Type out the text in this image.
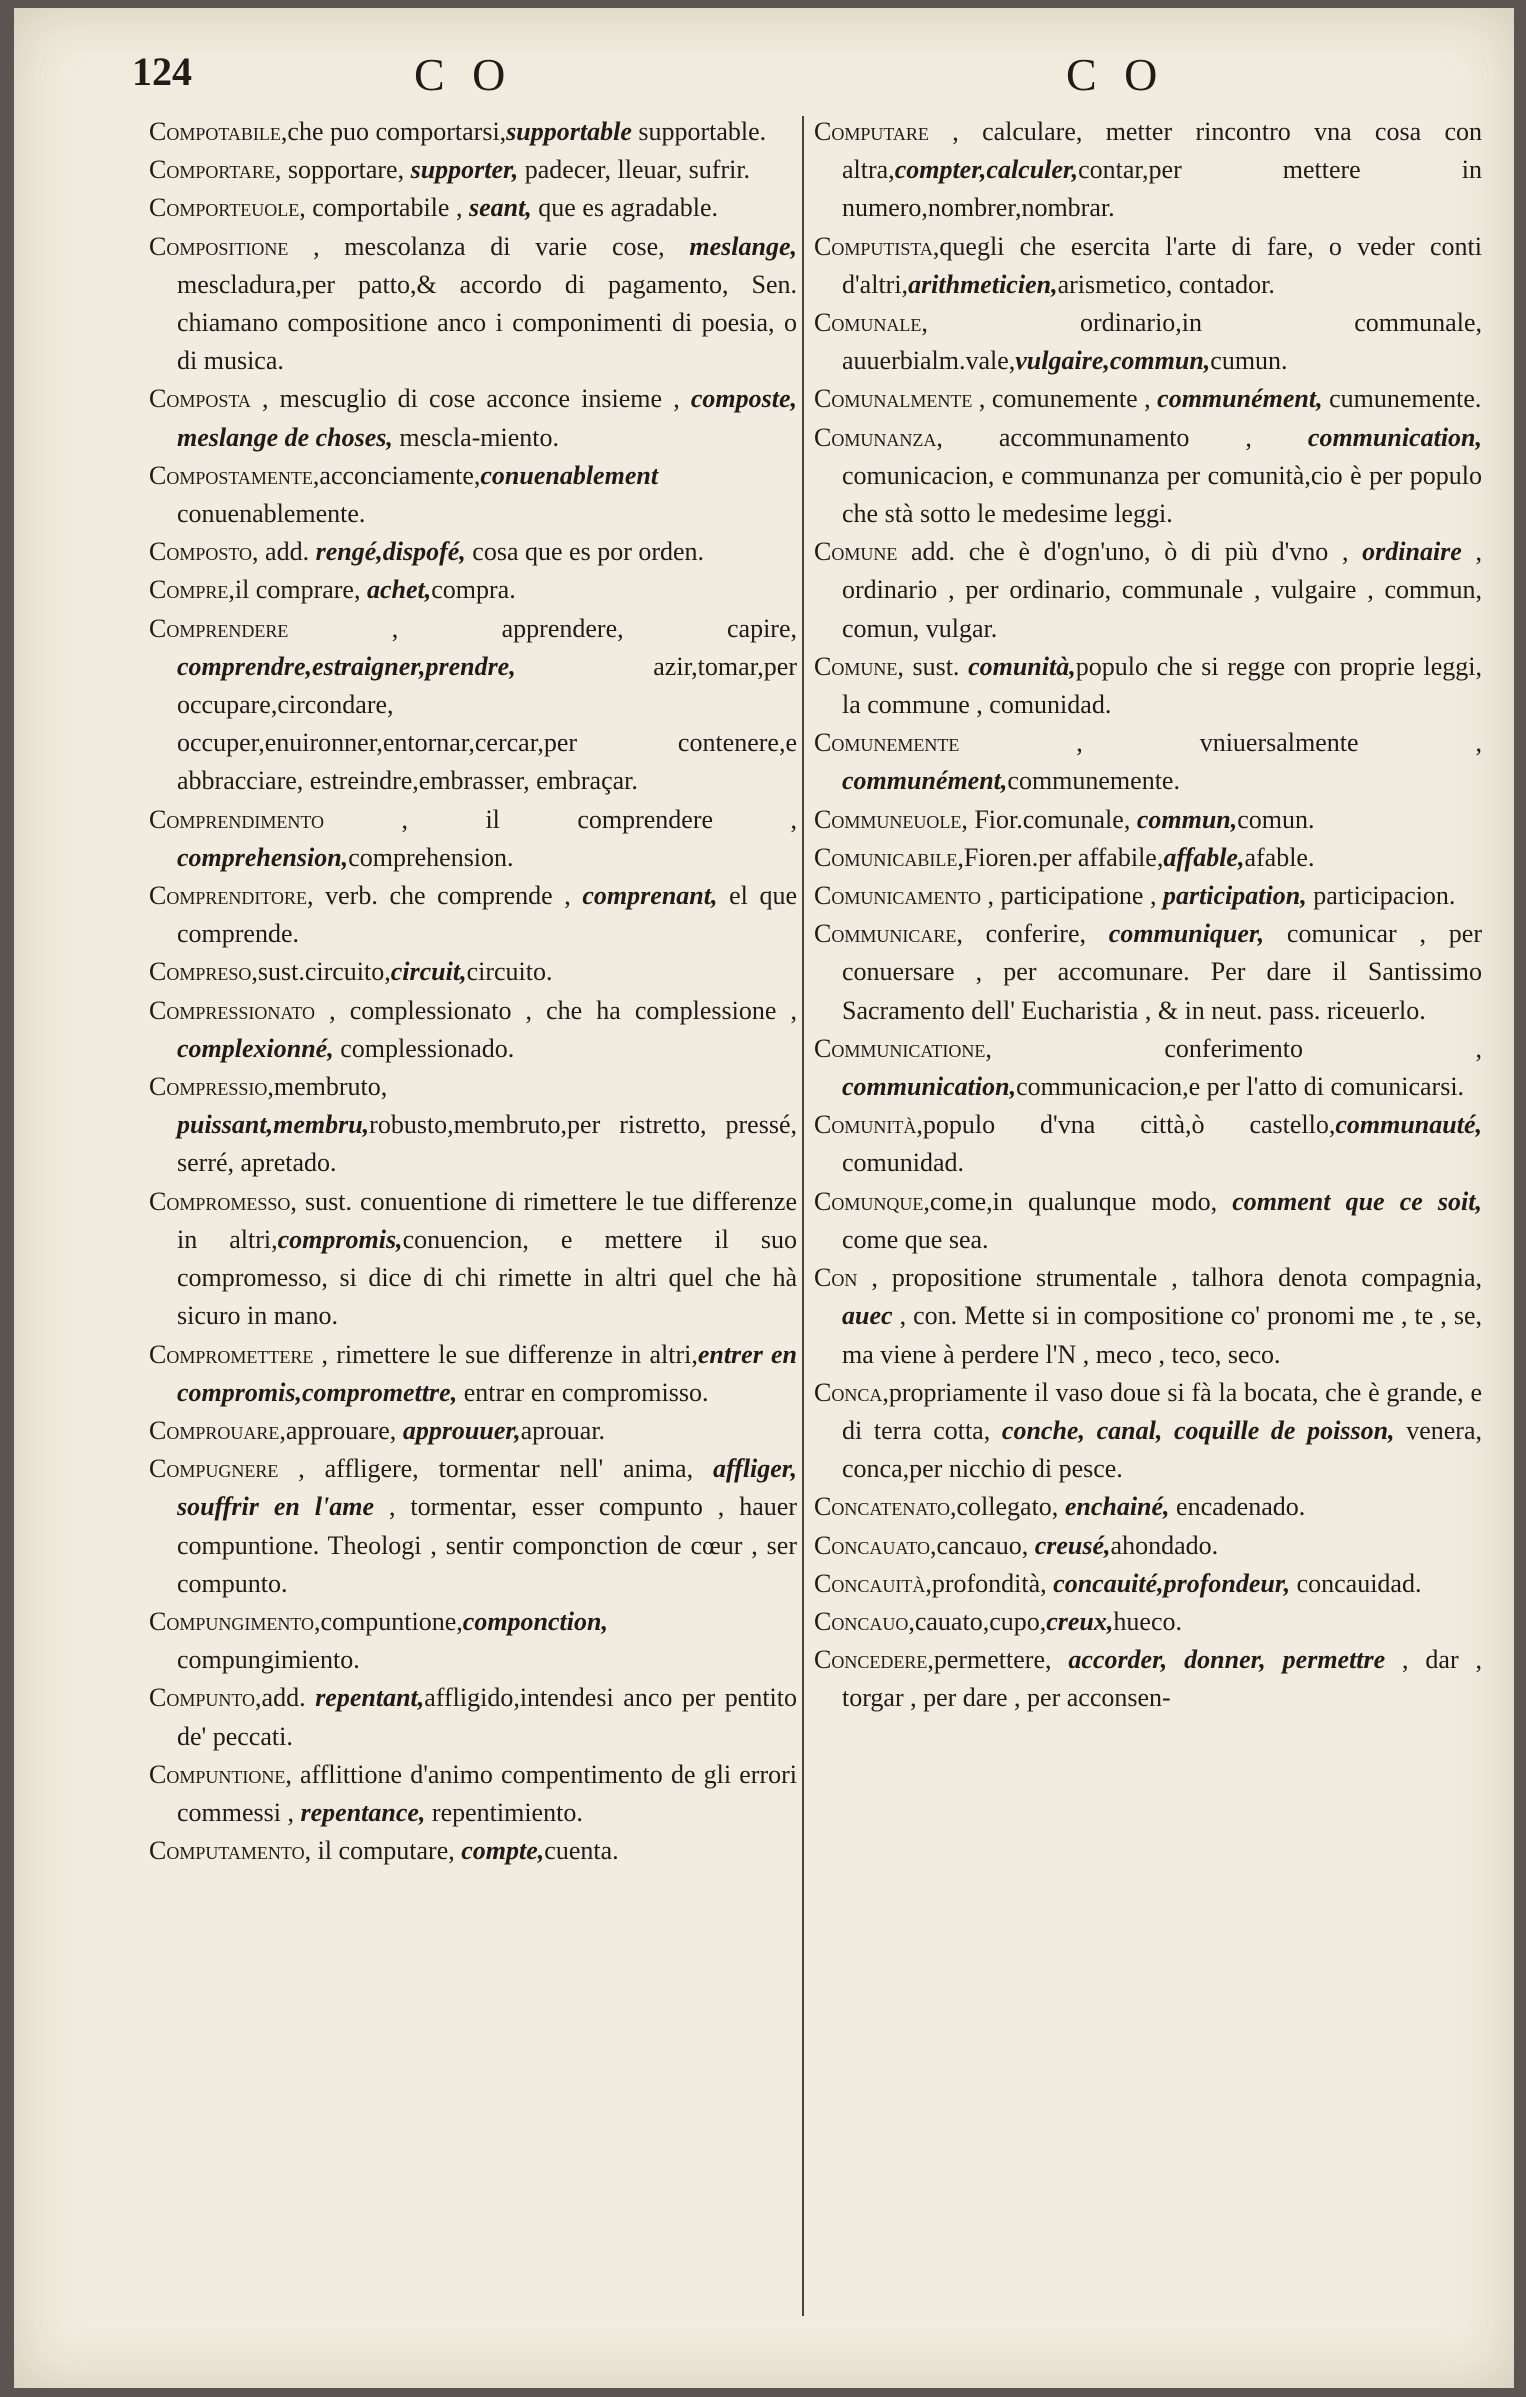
124	C O	C O

Compotabile,che puo comportarsi,supportable supportable.

Comportare, sopportare, supporter, padecer, lleuar, sufrir.

Comporteuole, comportabile , seant, que es agradable.

Compositione , mescolanza di varie cose, meslange, mescladura,per patto,& accordo di pagamento, Sen. chiamano compositione anco i componimenti di poesia, o di musica.

Composta , mescuglio di cose acconce insieme , composte, meslange de choses, mescla-miento.

Compostamente,acconciamente,conuenablement conuenablemente.

Composto, add. rengé,dispofé, cosa que es por orden.

Compre,il comprare, achet,compra.

Comprendere , apprendere, capire, comprendre,estraigner,prendre, azir,tomar,per occupare,circondare, occuper,enuironner,entornar,cercar,per contenere,e abbracciare, estreindre,embrasser, embraçar.

Comprendimento , il comprendere , comprehension,comprehension.

Comprenditore, verb. che comprende , comprenant, el que comprende.

Compreso,sust.circuito,circuit,circuito.

Compressionato , complessionato , che ha complessione , complexionné, complessionado.

Compressio,membruto, puissant,membru,robusto,membruto,per ristretto, pressé, serré, apretado.

Compromesso, sust. conuentione di rimettere le tue differenze in altri,compromis,conuencion, e mettere il suo compromesso, si dice di chi rimette in altri quel che hà sicuro in mano.

Compromettere , rimettere le sue differenze in altri,entrer en compromis,compromettre, entrar en compromisso.

Comprouare,approuare, approuuer,aprouar.

Compugnere , affligere, tormentar nell' anima, affliger, souffrir en l'ame , tormentar, esser compunto , hauer compuntione. Theologi , sentir componction de cœur , ser compunto.

Compungimento,compuntione,componction, compungimiento.

Compunto,add. repentant,affligido,intendesi anco per pentito de' peccati.

Compuntione, afflittione d'animo compentimento de gli errori commessi , repentance, repentimiento.

Computamento, il computare, compte,cuenta.

Computare , calculare, metter rincontro vna cosa con altra,compter,calculer,contar,per mettere in numero,nombrer,nombrar.

Computista,quegli che esercita l'arte di fare, o veder conti d'altri,arithmeticien,arismetico, contador.

Comunale, ordinario,in communale, auuerbialm.vale,vulgaire,commun,cumun.

Comunalmente , comunemente , communément, cumunemente.

Comunanza, accommunamento , communication, comunicacion, e communanza per comunità,cio è per populo che stà sotto le medesime leggi.

Comune add. che è d'ogn'uno, ò di più d'vno , ordinaire , ordinario , per ordinario, communale , vulgaire , commun, comun, vulgar.

Comune, sust. comunità,populo che si regge con proprie leggi, la commune , comunidad.

Comunemente , vniuersalmente , communément,communemente.

Communeuole, Fior.comunale, commun,comun.

Comunicabile,Fioren.per affabile,affable,afable.

Comunicamento , participatione , participation, participacion.

Communicare, conferire, communiquer, comunicar , per conuersare , per accomunare. Per dare il Santissimo Sacramento dell' Eucharistia , & in neut. pass. riceuerlo.

Communicatione, conferimento , communication,communicacion,e per l'atto di comunicarsi.

Comunità,populo d'vna città,ò castello,communauté, comunidad.

Comunque,come,in qualunque modo, comment que ce soit, come que sea.

Con , propositione strumentale , talhora denota compagnia, auec , con. Mette si in compositione co' pronomi me , te , se, ma viene à perdere l'N , meco , teco, seco.

Conca,propriamente il vaso doue si fà la bocata, che è grande, e di terra cotta, conche, canal, coquille de poisson, venera, conca,per nicchio di pesce.

Concatenato,collegato, enchainé, encadenado.

Concauato,cancauo, creusé,ahondado.

Concauità,profondità, concauité,profondeur, concauidad.

Concauo,cauato,cupo,creux,hueco.

Concedere,permettere, accorder, donner, permettre , dar , torgar , per dare , per acconsen-
